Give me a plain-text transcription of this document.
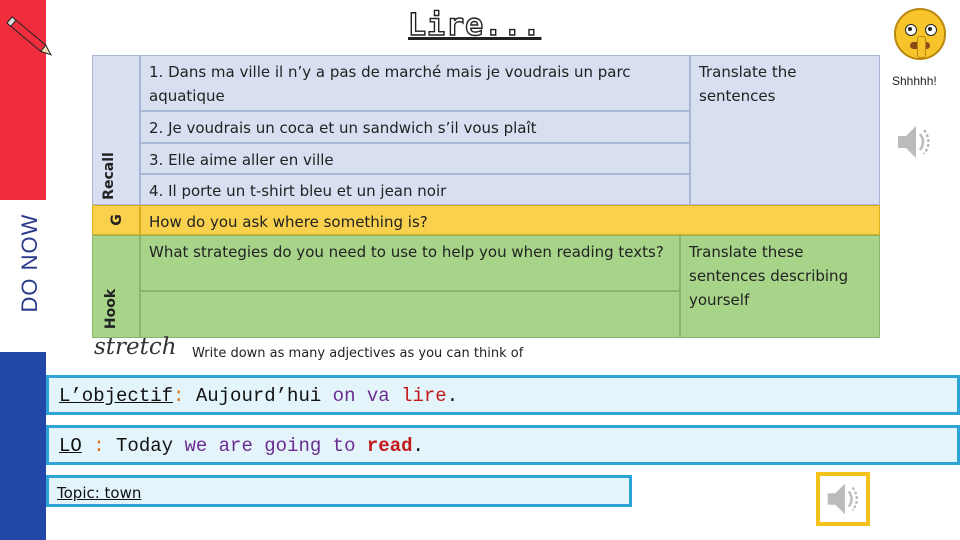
DO NOW
Lire...
Recall
G
Hook
1. Dans ma ville il n’y a pas de marché mais je voudrais un parc aquatique
2. Je voudrais un coca et un sandwich s’il vous plaît
3. Elle aime aller en ville
4. Il porte un t-shirt bleu et un jean noir
Translate the sentences
How do you ask where something is?
What strategies do you need to use to help you when reading texts?	Translate these sentences describing yourself
Shhhhh!
stretch Write down as many adjectives as you can think of
L’objectif: Aujourd’hui on va lire.
LO : Today we are going to read.
Topic: town
